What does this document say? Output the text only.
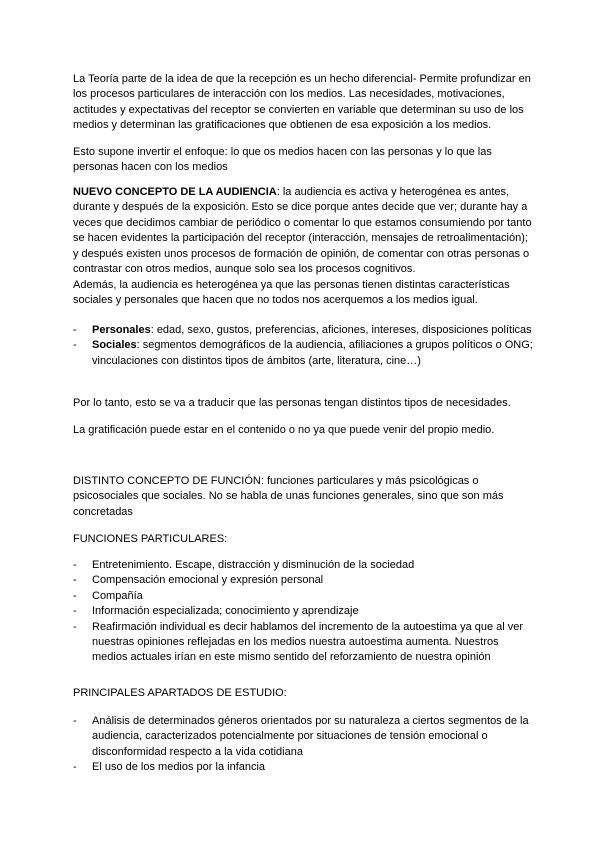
La Teoría parte de la idea de que la recepción es un hecho diferencial- Permite profundizar en los procesos particulares de interacción con los medios. Las necesidades, motivaciones, actitudes y expectativas del receptor se convierten en variable que determinan su uso de los medios y determinan las gratificaciones que obtienen de esa exposición a los medios.

Esto supone invertir el enfoque: lo que os medios hacen con las personas y lo que las personas hacen con los medios

NUEVO CONCEPTO DE LA AUDIENCIA: la audiencia es activa y heterogénea es antes, durante y después de la exposición. Esto se dice porque antes decide que ver; durante hay a veces que decidimos cambiar de periódico o comentar lo que estamos consumiendo por tanto se hacen evidentes la participación del receptor (interacción, mensajes de retroalimentación); y después existen unos procesos de formación de opinión, de comentar con otras personas o contrastar con otros medios, aunque solo sea los procesos cognitivos.

Además, la audiencia es heterogénea ya que las personas tienen distintas características sociales y personales que hacen que no todos nos acerquemos a los medios igual.

- Personales: edad, sexo, gustos, preferencias, aficiones, intereses, disposiciones políticas
- Sociales: segmentos demográficos de la audiencia, afiliaciones a grupos políticos o ONG; vinculaciones con distintos tipos de ámbitos (arte, literatura, cine…)

Por lo tanto, esto se va a traducir que las personas tengan distintos tipos de necesidades.

La gratificación puede estar en el contenido o no ya que puede venir del propio medio.

DISTINTO CONCEPTO DE FUNCIÓN: funciones particulares y más psicológicas o psicosociales que sociales. No se habla de unas funciones generales, sino que son más concretadas

FUNCIONES PARTICULARES:

- Entretenimiento. Escape, distracción y disminución de la sociedad
- Compensación emocional y expresión personal
- Compañía
- Información especializada; conocimiento y aprendizaje
- Reafirmación individual es decir hablamos del incremento de la autoestima ya que al ver nuestras opiniones reflejadas en los medios nuestra autoestima aumenta. Nuestros medios actuales irían en este mismo sentido del reforzamiento de nuestra opinión

PRINCIPALES APARTADOS DE ESTUDIO:

- Análisis de determinados géneros orientados por su naturaleza a ciertos segmentos de la audiencia, caracterizados potencialmente por situaciones de tensión emocional o disconformidad respecto a la vida cotidiana
- El uso de los medios por la infancia
